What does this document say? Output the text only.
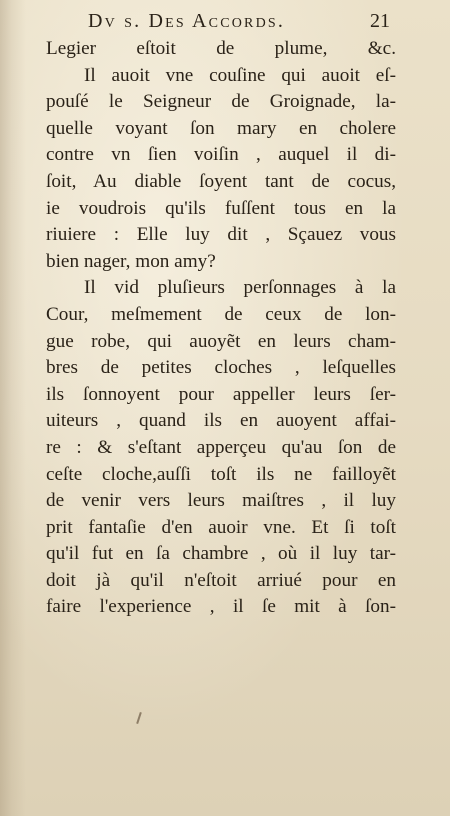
Dv s. Des Accords.	21
Legier eſtoit de plume, &c.
Il auoit vne couſine qui auoit eſ-
pouſé le Seigneur de Groignade, la-
quelle voyant ſon mary en cholere
contre vn ſien voiſin , auquel il di-
ſoit, Au diable ſoyent tant de cocus,
ie voudrois qu'ils fuſſent tous en la
riuiere : Elle luy dit , Sçauez vous
bien nager, mon amy?
Il vid pluſieurs perſonnages à la
Cour, meſmement de ceux de lon-
gue robe, qui auoyẽt en leurs cham-
bres de petites cloches , leſquelles
ils ſonnoyent pour appeller leurs ſer-
uiteurs , quand ils en auoyent affai-
re : & s'eſtant apperçeu qu'au ſon de
ceſte cloche,auſſi toſt ils ne failloyẽt
de venir vers leurs maiſtres , il luy
prit fantaſie d'en auoir vne. Et ſi toſt
qu'il fut en ſa chambre , où il luy tar-
doit jà qu'il n'eſtoit arriué pour en
faire l'experience , il ſe mit à ſon-
